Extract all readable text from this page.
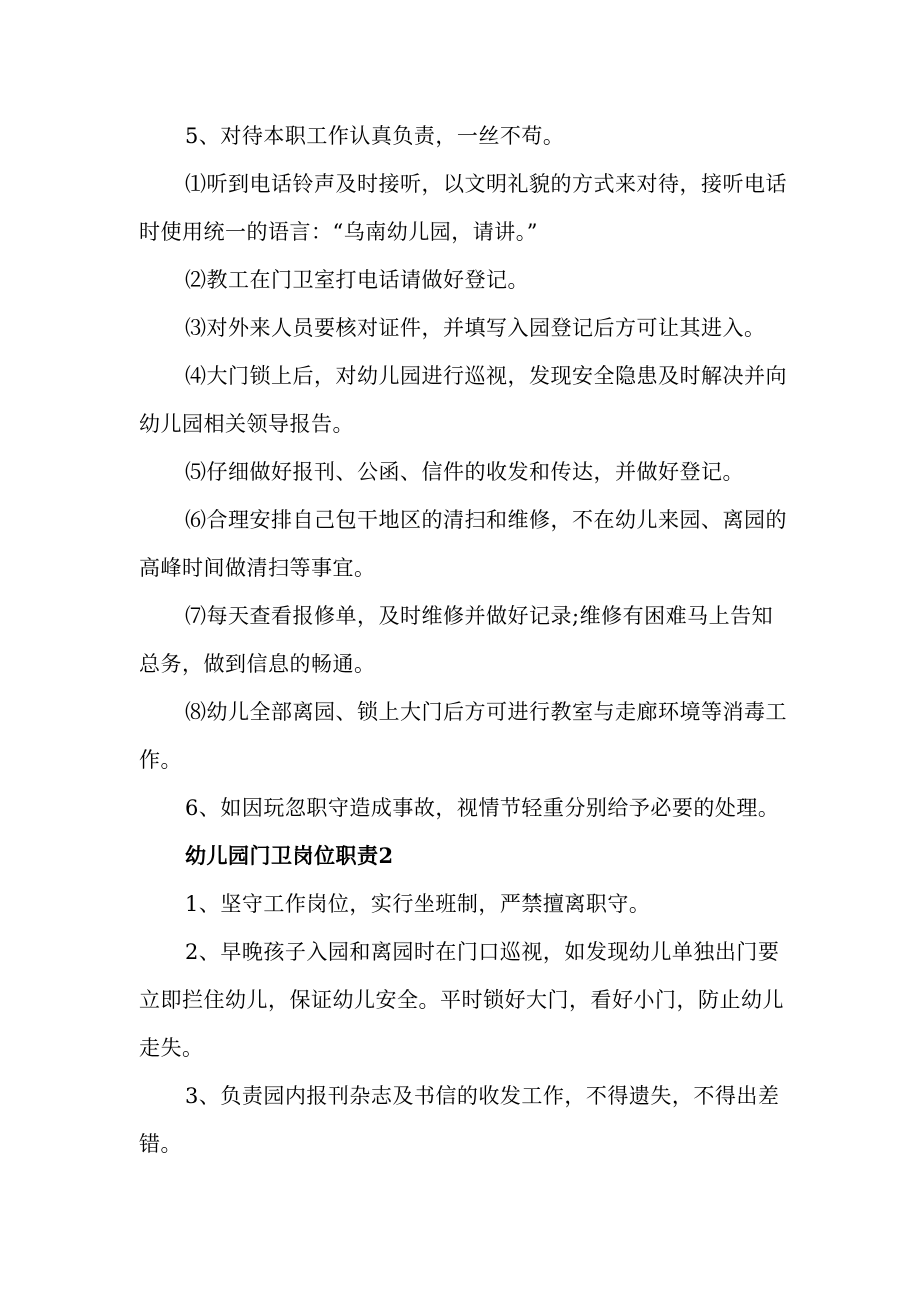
5、对待本职工作认真负责，一丝不苟。

⑴听到电话铃声及时接听，以文明礼貌的方式来对待，接听电话时使用统一的语言：“乌南幼儿园，请讲。”

⑵教工在门卫室打电话请做好登记。

⑶对外来人员要核对证件，并填写入园登记后方可让其进入。

⑷大门锁上后，对幼儿园进行巡视，发现安全隐患及时解决并向幼儿园相关领导报告。

⑸仔细做好报刊、公函、信件的收发和传达，并做好登记。

⑹合理安排自己包干地区的清扫和维修，不在幼儿来园、离园的高峰时间做清扫等事宜。

⑺每天查看报修单，及时维修并做好记录;维修有困难马上告知总务，做到信息的畅通。

⑻幼儿全部离园、锁上大门后方可进行教室与走廊环境等消毒工作。

6、如因玩忽职守造成事故，视情节轻重分别给予必要的处理。

幼儿园门卫岗位职责2

1、坚守工作岗位，实行坐班制，严禁擅离职守。

2、早晚孩子入园和离园时在门口巡视，如发现幼儿单独出门要立即拦住幼儿，保证幼儿安全。平时锁好大门，看好小门，防止幼儿走失。

3、负责园内报刊杂志及书信的收发工作，不得遗失，不得出差错。
